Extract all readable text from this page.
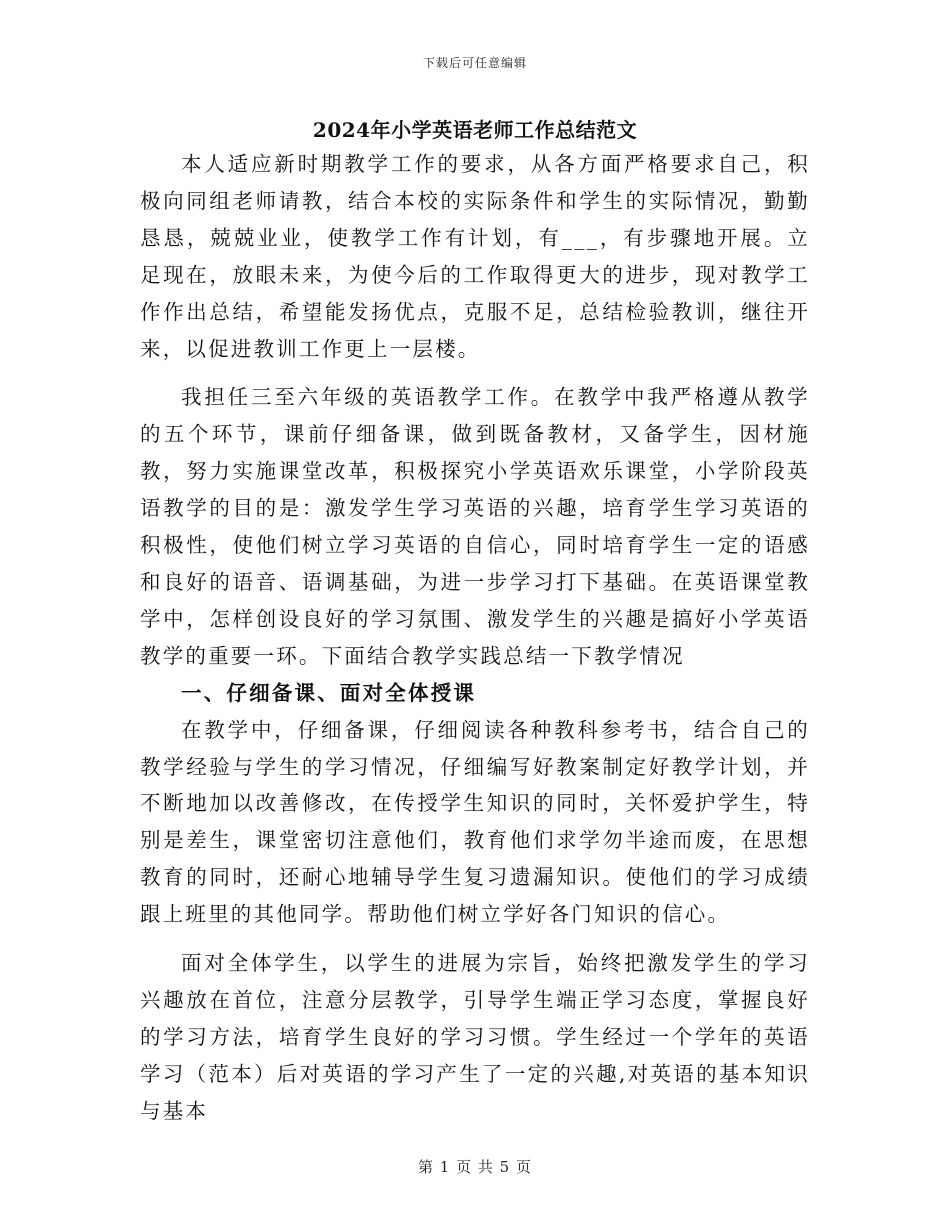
下载后可任意编辑
2024年小学英语老师工作总结范文

本人适应新时期教学工作的要求，从各方面严格要求自己，积极向同组老师请教，结合本校的实际条件和学生的实际情况，勤勤恳恳，兢兢业业，使教学工作有计划，有___，有步骤地开展。立足现在，放眼未来，为使今后的工作取得更大的进步，现对教学工作作出总结，希望能发扬优点，克服不足，总结检验教训，继往开来，以促进教训工作更上一层楼。

我担任三至六年级的英语教学工作。在教学中我严格遵从教学的五个环节，课前仔细备课，做到既备教材，又备学生，因材施教，努力实施课堂改革，积极探究小学英语欢乐课堂，小学阶段英语教学的目的是：激发学生学习英语的兴趣，培育学生学习英语的积极性，使他们树立学习英语的自信心，同时培育学生一定的语感和良好的语音、语调基础，为进一步学习打下基础。在英语课堂教学中，怎样创设良好的学习氛围、激发学生的兴趣是搞好小学英语教学的重要一环。下面结合教学实践总结一下教学情况

一、仔细备课、面对全体授课

在教学中，仔细备课，仔细阅读各种教科参考书，结合自己的教学经验与学生的学习情况，仔细编写好教案制定好教学计划，并不断地加以改善修改，在传授学生知识的同时，关怀爱护学生，特别是差生，课堂密切注意他们，教育他们求学勿半途而废，在思想教育的同时，还耐心地辅导学生复习遗漏知识。使他们的学习成绩跟上班里的其他同学。帮助他们树立学好各门知识的信心。

面对全体学生，以学生的进展为宗旨，始终把激发学生的学习兴趣放在首位，注意分层教学，引导学生端正学习态度，掌握良好的学习方法，培育学生良好的学习习惯。学生经过一个学年的英语学习（范本）后对英语的学习产生了一定的兴趣,对英语的基本知识与基本

第 1 页 共 5 页
